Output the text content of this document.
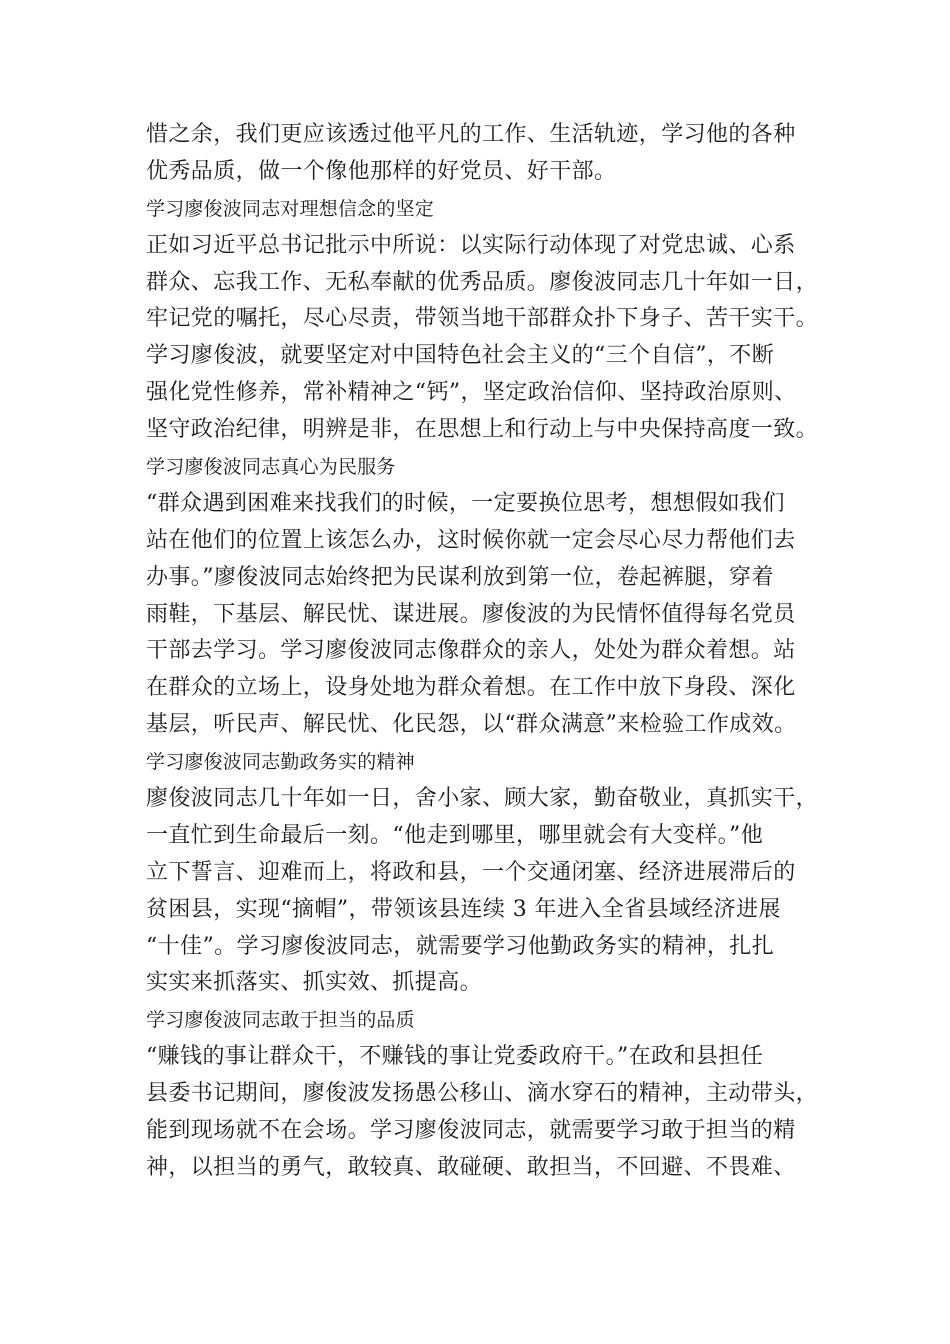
惜之余，我们更应该透过他平凡的工作、生活轨迹，学习他的各种
优秀品质，做一个像他那样的好党员、好干部。
学习廖俊波同志对理想信念的坚定
正如习近平总书记批示中所说：以实际行动体现了对党忠诚、心系
群众、忘我工作、无私奉献的优秀品质。廖俊波同志几十年如一日，
牢记党的嘱托，尽心尽责，带领当地干部群众扑下身子、苦干实干。
学习廖俊波，就要坚定对中国特色社会主义的“三个自信”，不断
强化党性修养，常补精神之“钙”，坚定政治信仰、坚持政治原则、
坚守政治纪律，明辨是非，在思想上和行动上与中央保持高度一致。
学习廖俊波同志真心为民服务
“群众遇到困难来找我们的时候，一定要换位思考，想想假如我们
站在他们的位置上该怎么办，这时候你就一定会尽心尽力帮他们去
办事。”廖俊波同志始终把为民谋利放到第一位，卷起裤腿，穿着
雨鞋，下基层、解民忧、谋进展。廖俊波的为民情怀值得每名党员
干部去学习。学习廖俊波同志像群众的亲人，处处为群众着想。站
在群众的立场上，设身处地为群众着想。在工作中放下身段、深化
基层，听民声、解民忧、化民怨，以“群众满意”来检验工作成效。
学习廖俊波同志勤政务实的精神
廖俊波同志几十年如一日，舍小家、顾大家，勤奋敬业，真抓实干，
一直忙到生命最后一刻。“他走到哪里，哪里就会有大变样。”他
立下誓言、迎难而上，将政和县，一个交通闭塞、经济进展滞后的
贫困县，实现“摘帽”，带领该县连续 3 年进入全省县域经济进展
“十佳”。学习廖俊波同志，就需要学习他勤政务实的精神，扎扎
实实来抓落实、抓实效、抓提高。
学习廖俊波同志敢于担当的品质
“赚钱的事让群众干，不赚钱的事让党委政府干。”在政和县担任
县委书记期间，廖俊波发扬愚公移山、滴水穿石的精神，主动带头，
能到现场就不在会场。学习廖俊波同志，就需要学习敢于担当的精
神，以担当的勇气，敢较真、敢碰硬、敢担当，不回避、不畏难、
